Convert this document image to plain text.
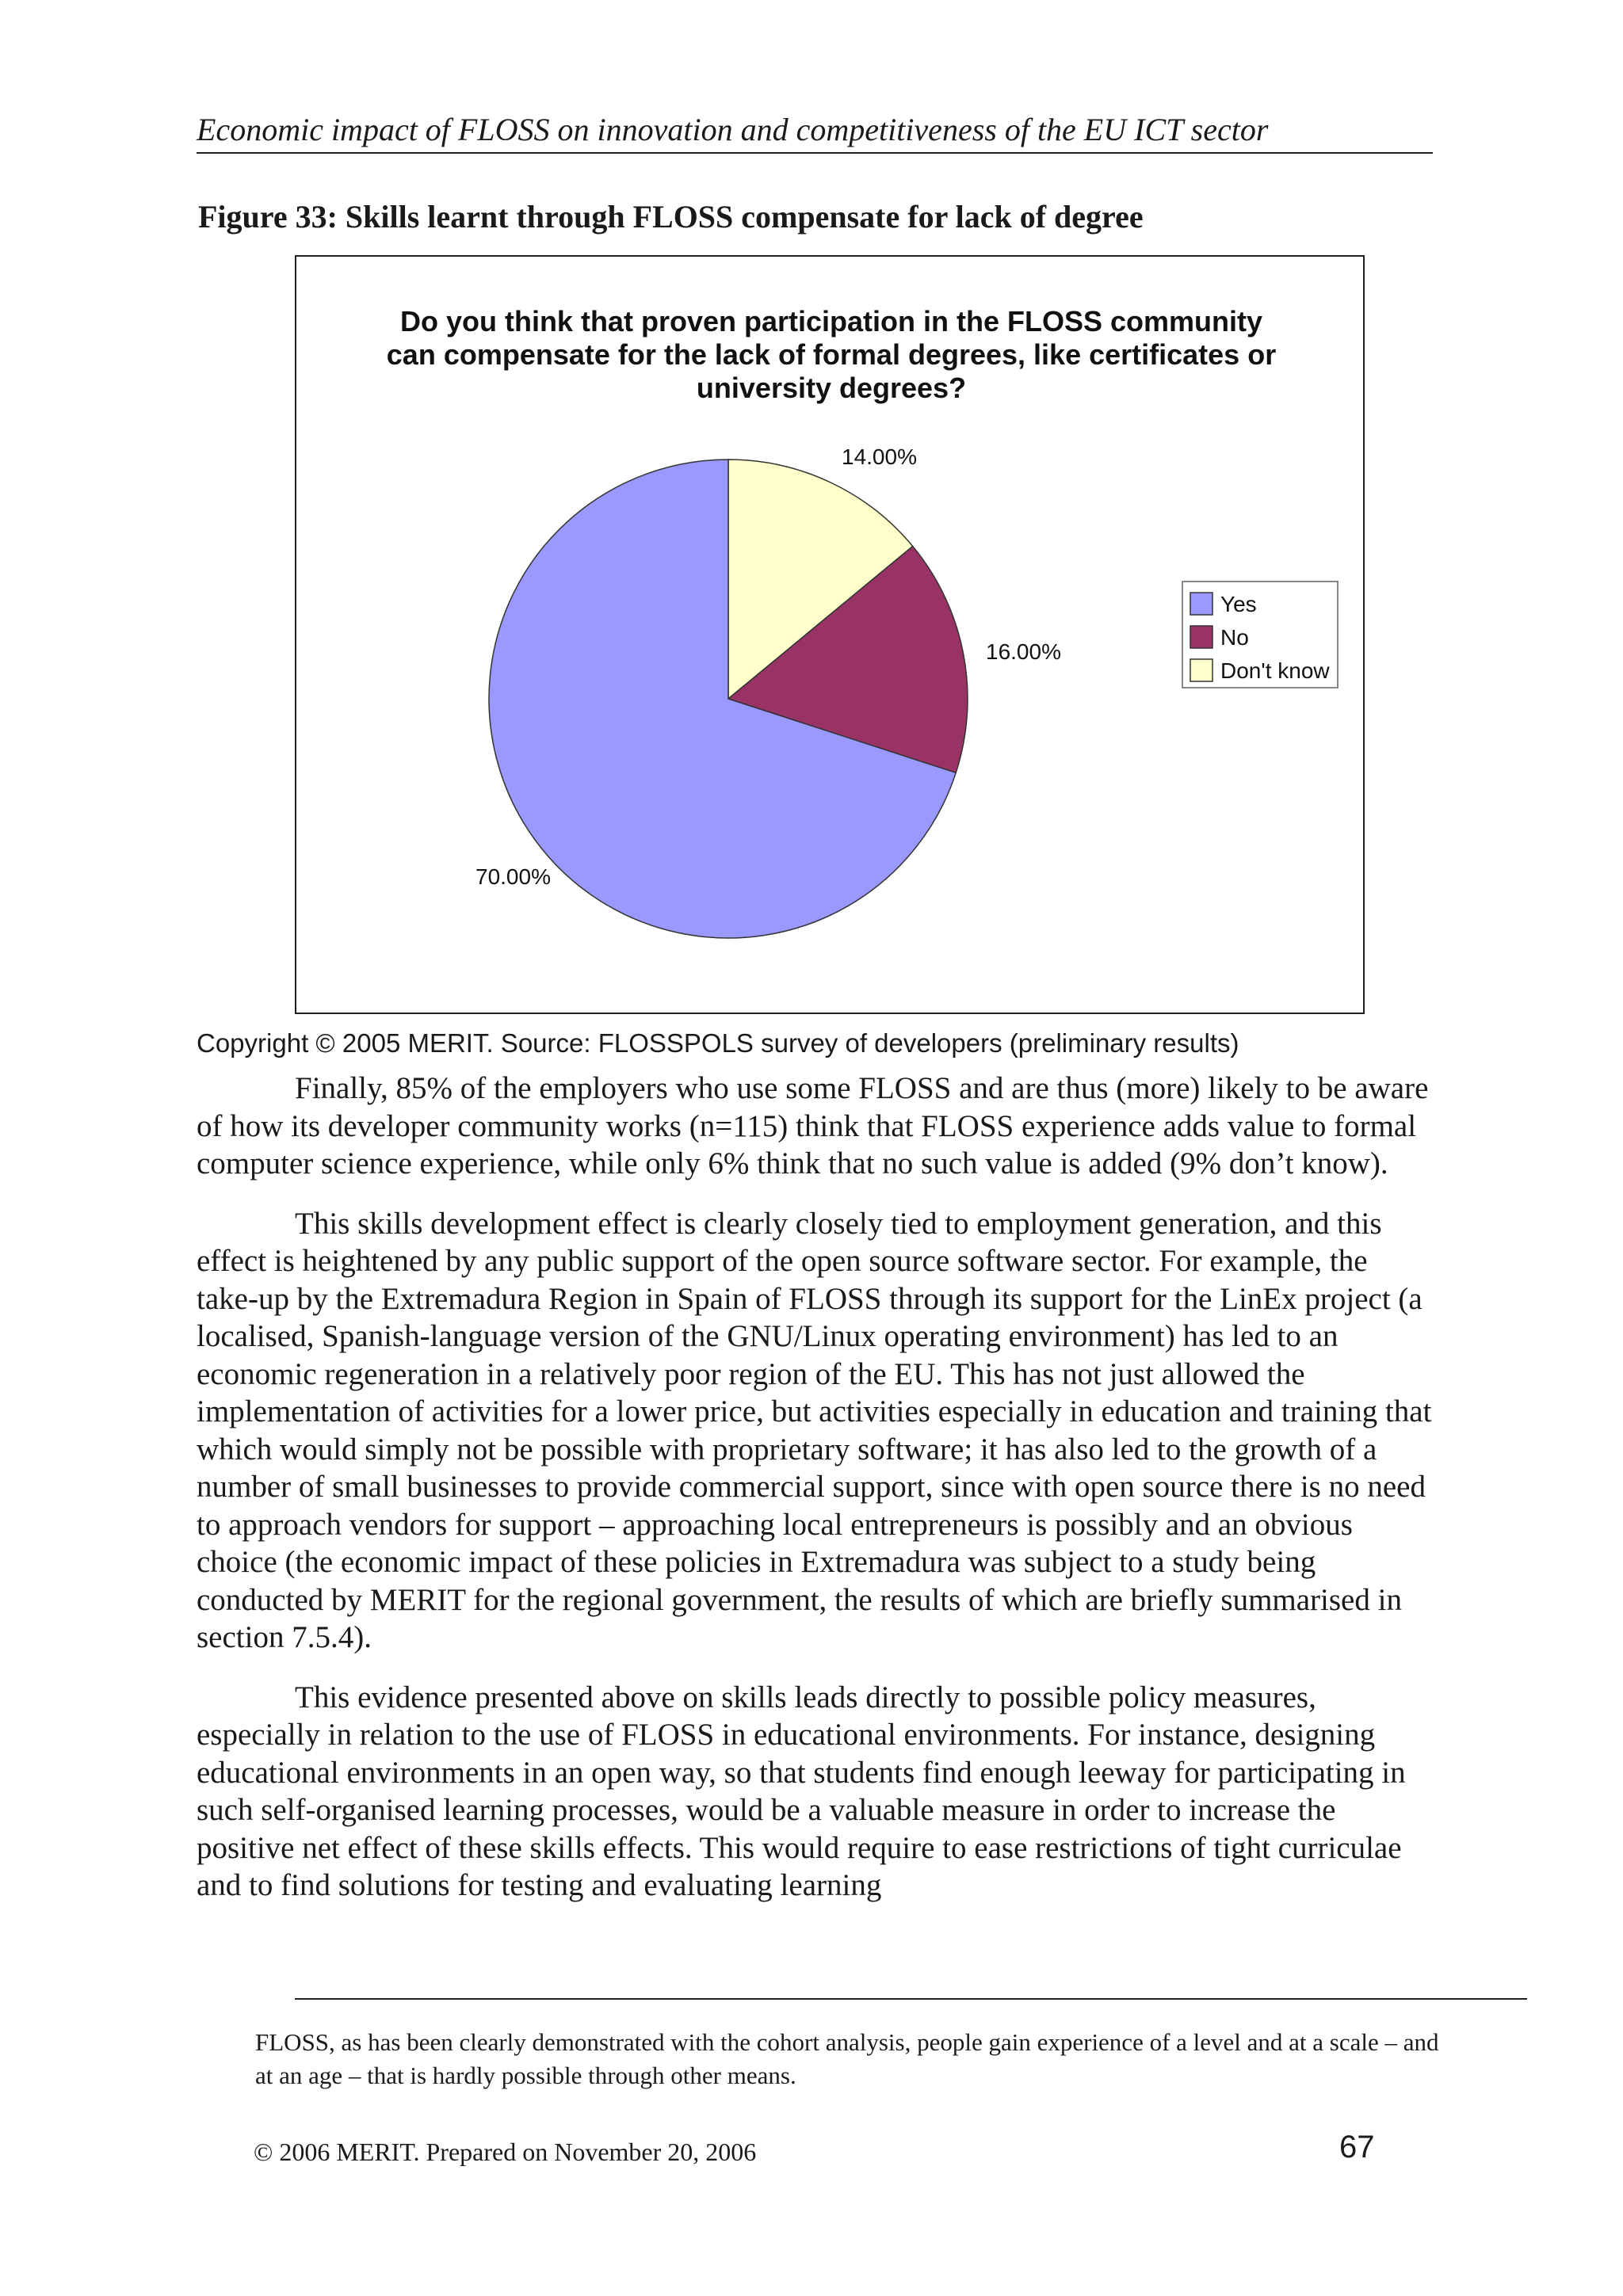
Economic impact of FLOSS on innovation and competitiveness of the EU ICT sector
Figure 33: Skills learnt through FLOSS compensate for lack of degree
Do you think that proven participation in the FLOSS community
can compensate for the lack of formal degrees, like certificates or
university degrees?
70.00%
16.00%
14.00%
Yes
No
Don't know
Copyright © 2005 MERIT. Source: FLOSSPOLS survey of developers (preliminary results)

Finally, 85% of the employers who use some FLOSS and are thus (more) likely to be aware of how its developer community works (n=115) think that FLOSS experience adds value to formal computer science experience, while only 6% think that no such value is added (9% don’t know).

This skills development effect is clearly closely tied to employment generation, and this effect is heightened by any public support of the open source software sector. For example, the take-up by the Extremadura Region in Spain of FLOSS through its support for the LinEx project (a localised, Spanish-language version of the GNU/Linux operating environment) has led to an economic regeneration in a relatively poor region of the EU. This has not just allowed the implementation of activities for a lower price, but activities especially in education and training that which would simply not be possible with proprietary software; it has also led to the growth of a number of small businesses to provide commercial support, since with open source there is no need to approach vendors for support – approaching local entrepreneurs is possibly and an obvious choice (the economic impact of these policies in Extremadura was subject to a study being conducted by MERIT for the regional government, the results of which are briefly summarised in section 7.5.4).

This evidence presented above on skills leads directly to possible policy measures, especially in relation to the use of FLOSS in educational environments. For instance, designing educational environments in an open way, so that students find enough leeway for participating in such self-organised learning processes, would be a valuable measure in order to increase the positive net effect of these skills effects. This would require to ease restrictions of tight curriculae and to find solutions for testing and evaluating learning

FLOSS, as has been clearly demonstrated with the cohort analysis, people gain experience of a level and at a scale – and at an age – that is hardly possible through other means.
© 2006 MERIT. Prepared on November 20, 2006	67
